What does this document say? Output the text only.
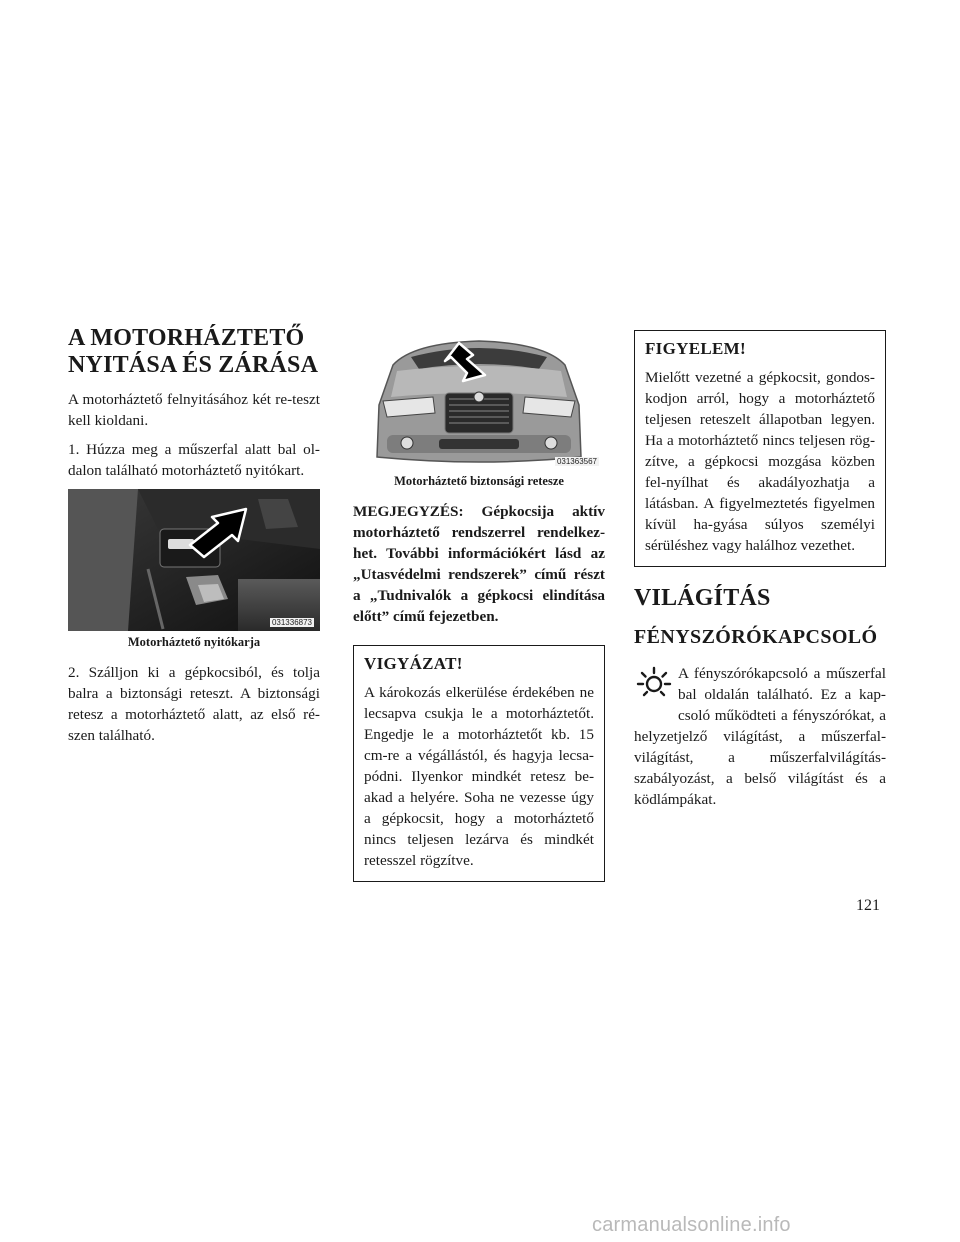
A MOTORHÁZTETŐ
NYITÁSA ÉS ZÁRÁSA

A motorháztető felnyitásához két re-teszt kell kioldani.

1. Húzza meg a műszerfal alatt bal ol-dalon található motorháztető nyitókart.

031336873
Motorháztető nyitókarja

2. Szálljon ki a gépkocsiból, és tolja balra a biztonsági reteszt. A biztonsági retesz a motorháztető alatt, az első ré-szen található.

031363567
Motorháztető biztonsági retesze

MEGJEGYZÉS: Gépkocsija aktív motorháztető rendszerrel rendelkez-het. További információkért lásd az „Utasvédelmi rendszerek” című részt a „Tudnivalók a gépkocsi elindítása előtt” című fejezetben.

VIGYÁZAT!

A károkozás elkerülése érdekében ne lecsapva csukja le a motorháztetőt. Engedje le a motorháztetőt kb. 15 cm-re a végállástól, és hagyja lecsa-pódni. Ilyenkor mindkét retesz be-akad a helyére. Soha ne vezesse úgy a gépkocsit, hogy a motorháztető nincs teljesen lezárva és mindkét retesszel rögzítve.

FIGYELEM!

Mielőtt vezetné a gépkocsit, gondos-kodjon arról, hogy a motorháztető teljesen reteszelt állapotban legyen. Ha a motorháztető nincs teljesen rög-zítve, a gépkocsi mozgása közben fel-nyílhat és akadályozhatja a látásban. A figyelmeztetés figyelmen kívül ha-gyása súlyos személyi sérüléshez vagy halálhoz vezethet.

VILÁGÍTÁS
FÉNYSZÓRÓKAPCSOLÓ

A fényszórókapcsoló a műszerfal bal oldalán található. Ez a kap-csoló működteti a fényszórókat, a helyzetjelző világítást, a műszerfal-világítást, a műszerfalvilágítás-szabályozást, a belső világítást és a ködlámpákat.

121
carmanualsonline.info
